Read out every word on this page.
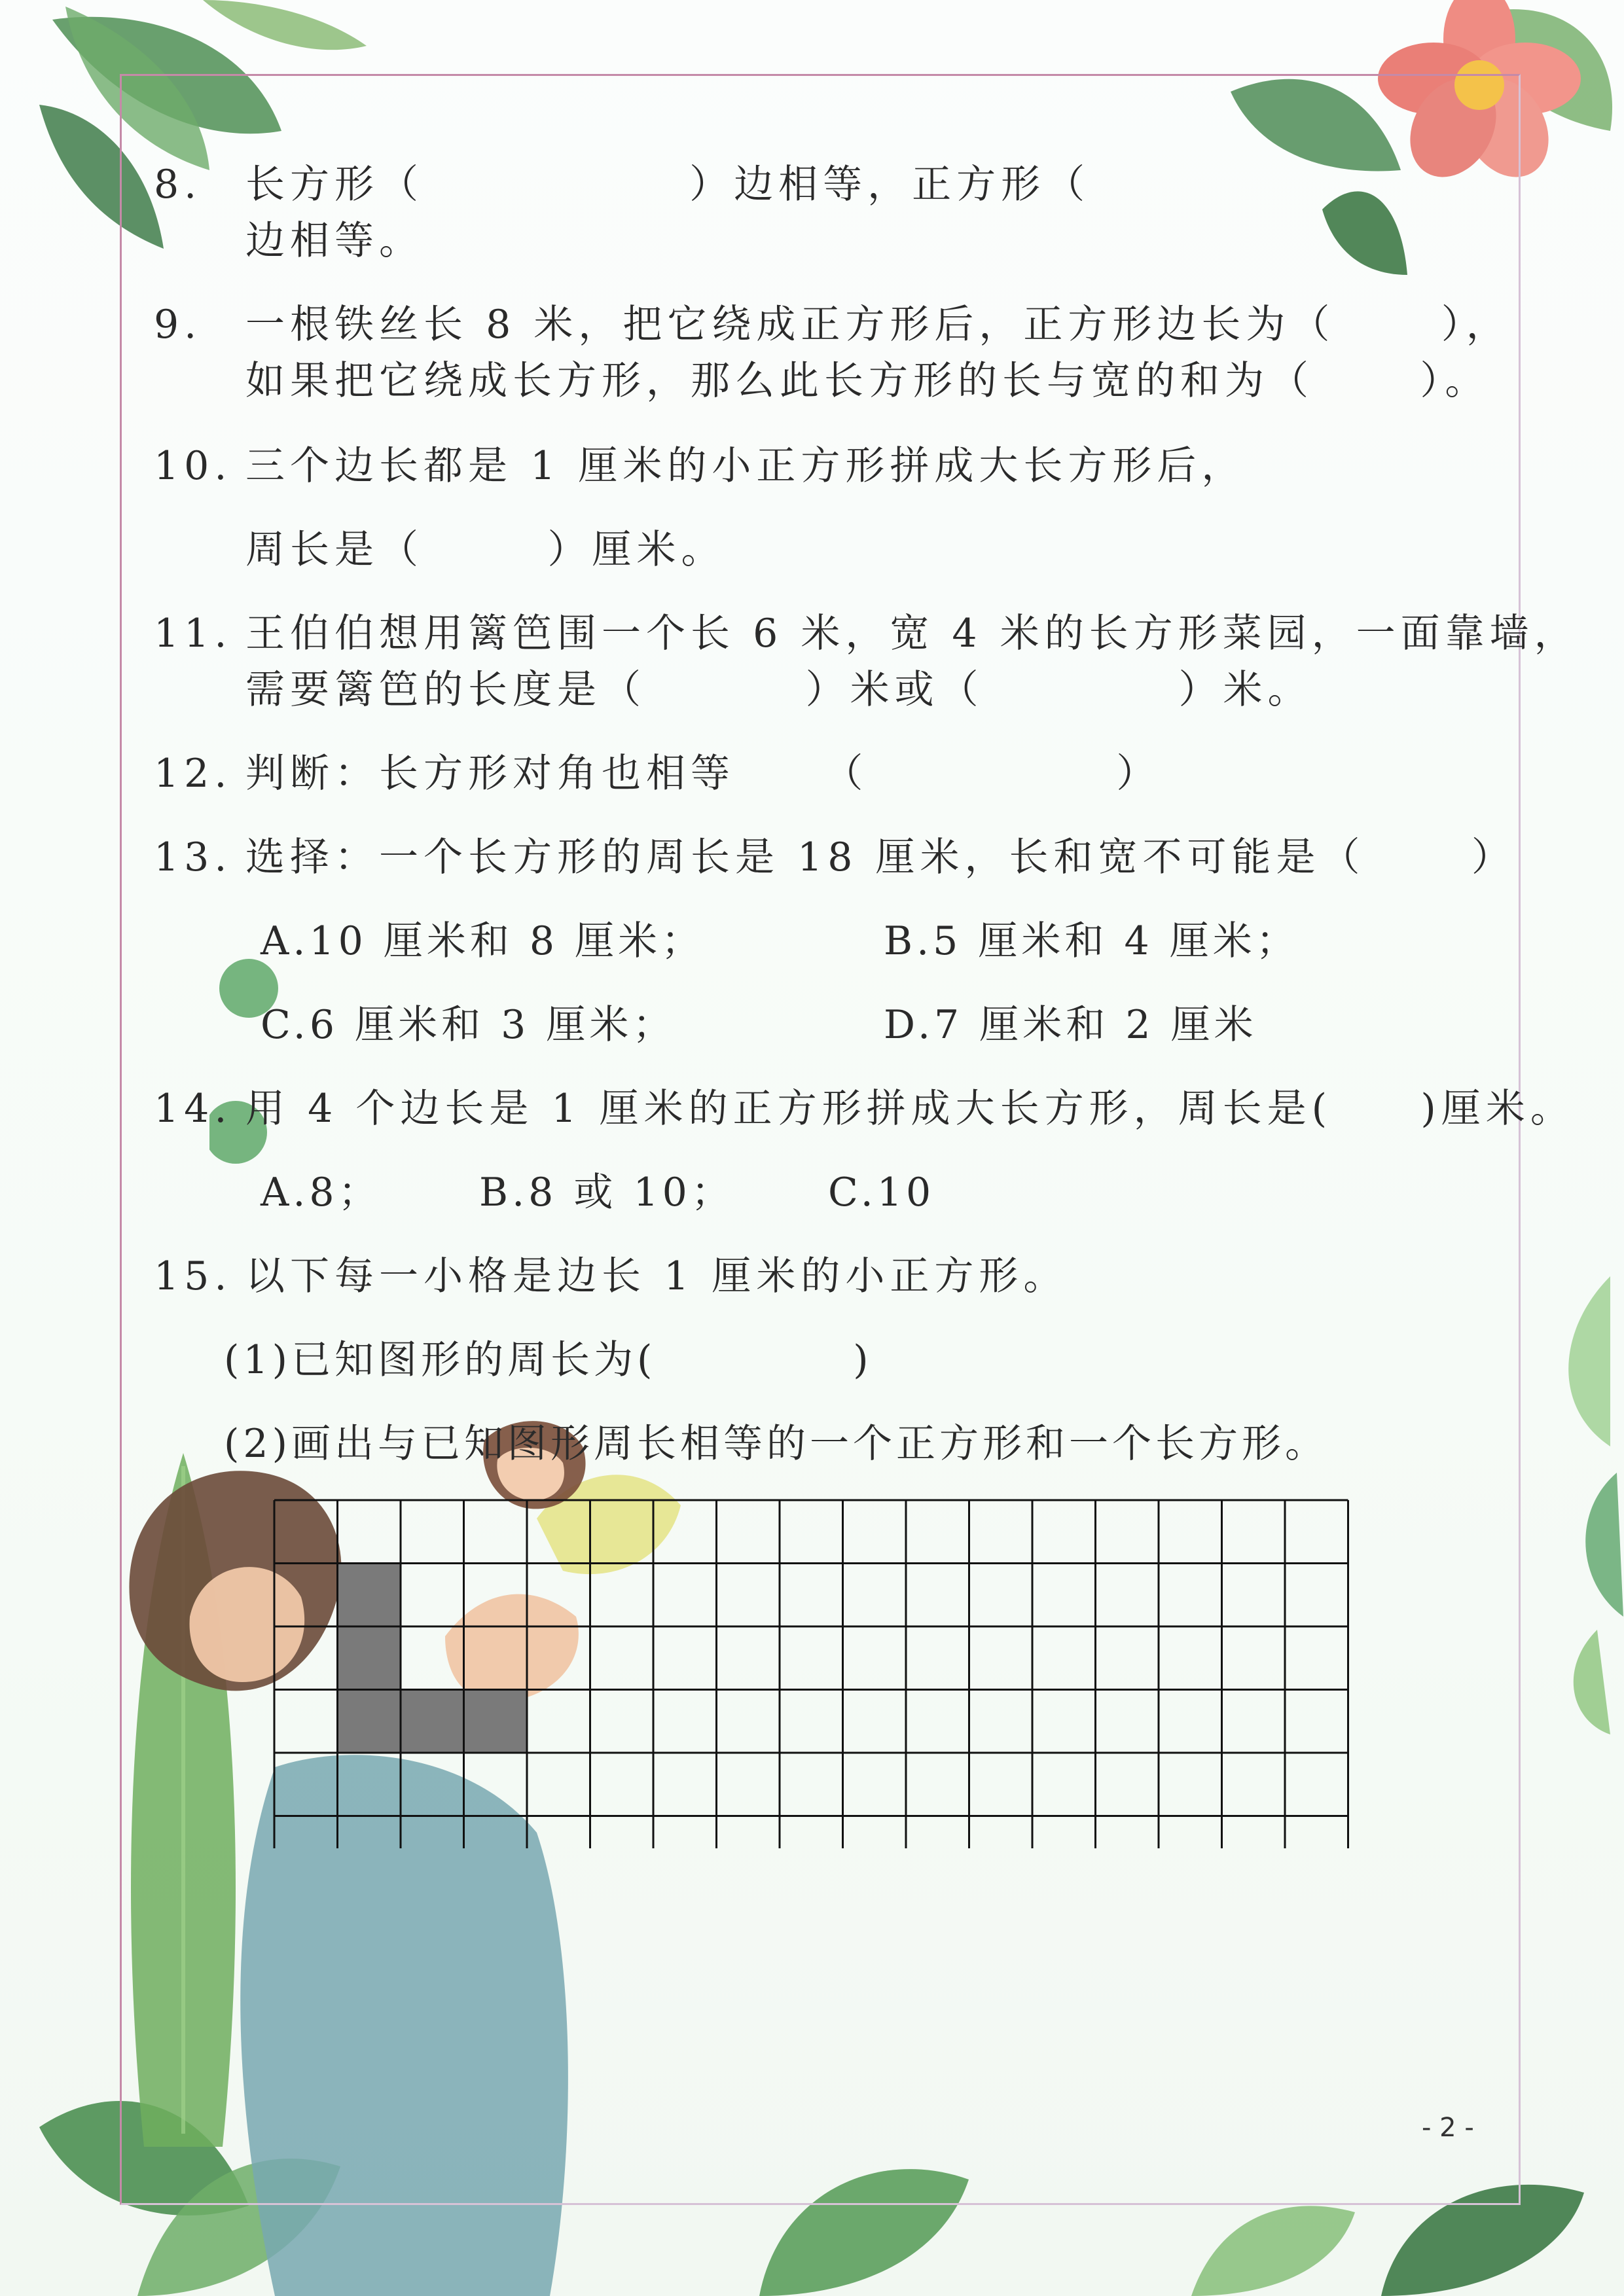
8. 长方形（               ）边相等，正方形（
边相等。
9. 一根铁丝长 8 米，把它绕成正方形后，正方形边长为（      ），
如果把它绕成长方形，那么此长方形的长与宽的和为（      ）。
10. 三个边长都是 1 厘米的小正方形拼成大长方形后，
周长是（       ）厘米。
11. 王伯伯想用篱笆围一个长 6 米，宽 4 米的长方形菜园，一面靠墙，
需要篱笆的长度是（         ）米或（           ）米。
12. 判断：长方形对角也相等     （              ）
13. 选择：一个长方形的周长是 18 厘米，长和宽不可能是（      ）
A.10 厘米和 8 厘米；	B.5 厘米和 4 厘米；
C.6 厘米和 3 厘米；	D.7 厘米和 2 厘米
14. 用 4 个边长是 1 厘米的正方形拼成大长方形，周长是(     )厘米。
A.8； B.8 或 10； C.10
15. 以下每一小格是边长 1 厘米的小正方形。
(1)已知图形的周长为(            )
(2)画出与已知图形周长相等的一个正方形和一个长方形。
- 2 -
